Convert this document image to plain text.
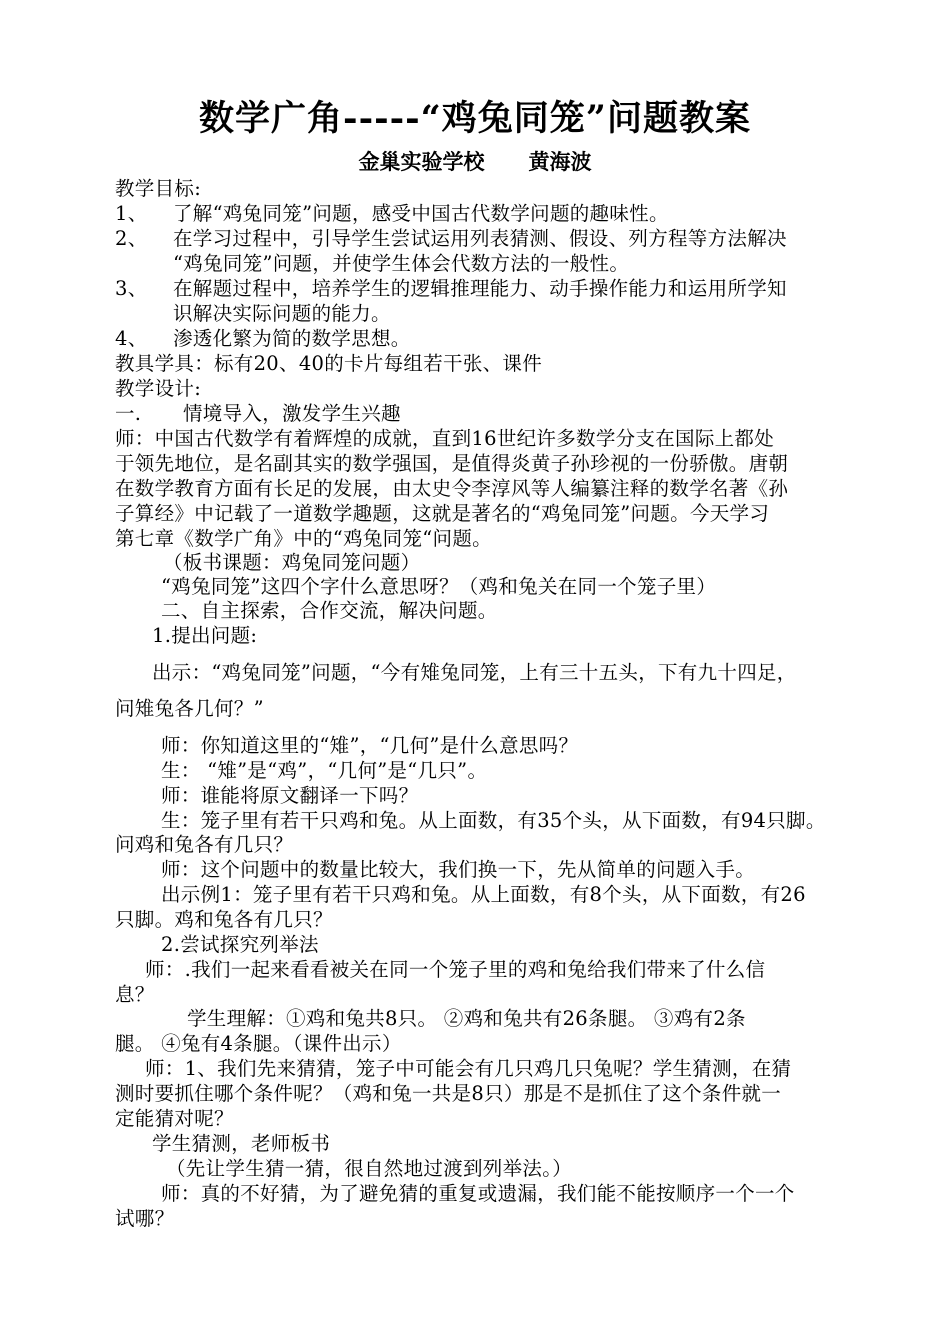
数学广角-----“鸡兔同笼”问题教案
金巢实验学校 黄海波
教学目标:
1、 了解“鸡兔同笼”问题，感受中国古代数学问题的趣味性。
2、 在学习过程中，引导学生尝试运用列表猜测、假设、列方程等方法解决
“鸡兔同笼”问题，并使学生体会代数方法的一般性。
3、 在解题过程中，培养学生的逻辑推理能力、动手操作能力和运用所学知
识解决实际问题的能力。
4、 渗透化繁为简的数学思想。
教具学具：标有20、40的卡片每组若干张、课件
教学设计:
一. 情境导入，激发学生兴趣
师：中国古代数学有着辉煌的成就，直到16世纪许多数学分支在国际上都处
于领先地位，是名副其实的数学强国，是值得炎黄子孙珍视的一份骄傲。唐朝
在数学教育方面有长足的发展，由太史令李淳风等人编纂注释的数学名著《孙
子算经》中记载了一道数学趣题，这就是著名的“鸡兔同笼”问题。今天学习
第七章《数学广角》中的“鸡兔同笼“问题。
（板书课题：鸡兔同笼问题）
“鸡兔同笼”这四个字什么意思呀？（鸡和兔关在同一个笼子里）
二、自主探索，合作交流，解决问题。
1.提出问题:
出示：“鸡兔同笼”问题，“今有雉兔同笼，上有三十五头，下有九十四足，
问雉兔各几何？”
师：你知道这里的“雉”，“几何”是什么意思吗？
生： “雉”是“鸡”，“几何”是“几只”。
师：谁能将原文翻译一下吗？
生：笼子里有若干只鸡和兔。从上面数，有35个头，从下面数，有94只脚。
问鸡和兔各有几只？
师：这个问题中的数量比较大，我们换一下，先从简单的问题入手。
出示例1：笼子里有若干只鸡和兔。从上面数，有8个头，从下面数，有26
只脚。鸡和兔各有几只？
2.尝试探究列举法
师：.我们一起来看看被关在同一个笼子里的鸡和兔给我们带来了什么信
息？
学生理解：①鸡和兔共8只。 ②鸡和兔共有26条腿。 ③鸡有2条
腿。 ④兔有4条腿。（课件出示）
师：1、我们先来猜猜，笼子中可能会有几只鸡几只兔呢？学生猜测，在猜
测时要抓住哪个条件呢？（鸡和兔一共是8只）那是不是抓住了这个条件就一
定能猜对呢？
学生猜测，老师板书
（先让学生猜一猜，很自然地过渡到列举法。）
师：真的不好猜，为了避免猜的重复或遗漏，我们能不能按顺序一个一个
试哪？
